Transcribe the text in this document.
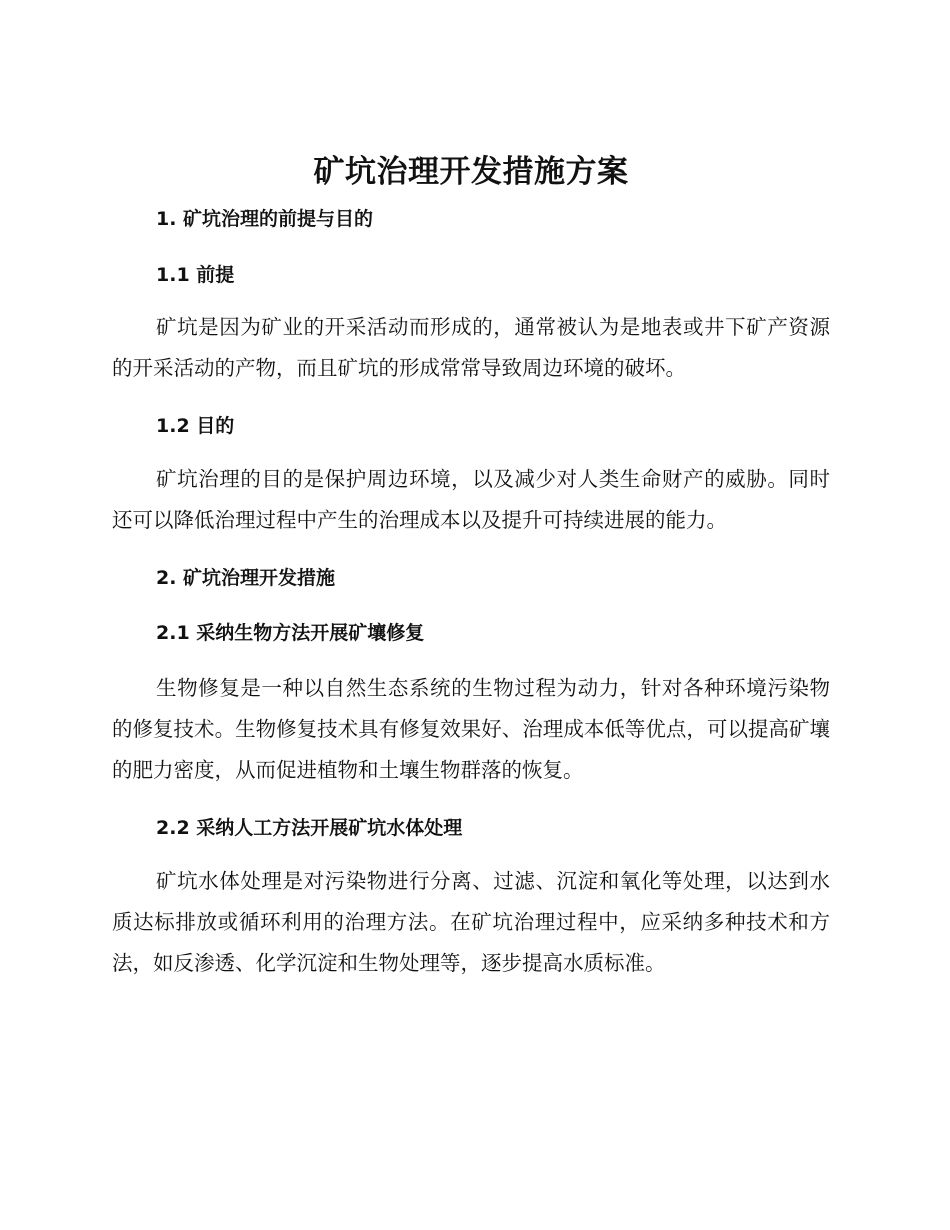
矿坑治理开发措施方案
1. 矿坑治理的前提与目的
1.1 前提

矿坑是因为矿业的开采活动而形成的，通常被认为是地表或井下矿产资源的开采活动的产物，而且矿坑的形成常常导致周边环境的破坏。

1.2 目的

矿坑治理的目的是保护周边环境，以及减少对人类生命财产的威胁。同时还可以降低治理过程中产生的治理成本以及提升可持续进展的能力。

2. 矿坑治理开发措施
2.1 采纳生物方法开展矿壤修复

生物修复是一种以自然生态系统的生物过程为动力，针对各种环境污染物的修复技术。生物修复技术具有修复效果好、治理成本低等优点，可以提高矿壤的肥力密度，从而促进植物和土壤生物群落的恢复。

2.2 采纳人工方法开展矿坑水体处理

矿坑水体处理是对污染物进行分离、过滤、沉淀和氧化等处理，以达到水质达标排放或循环利用的治理方法。在矿坑治理过程中，应采纳多种技术和方法，如反渗透、化学沉淀和生物处理等，逐步提高水质标准。
